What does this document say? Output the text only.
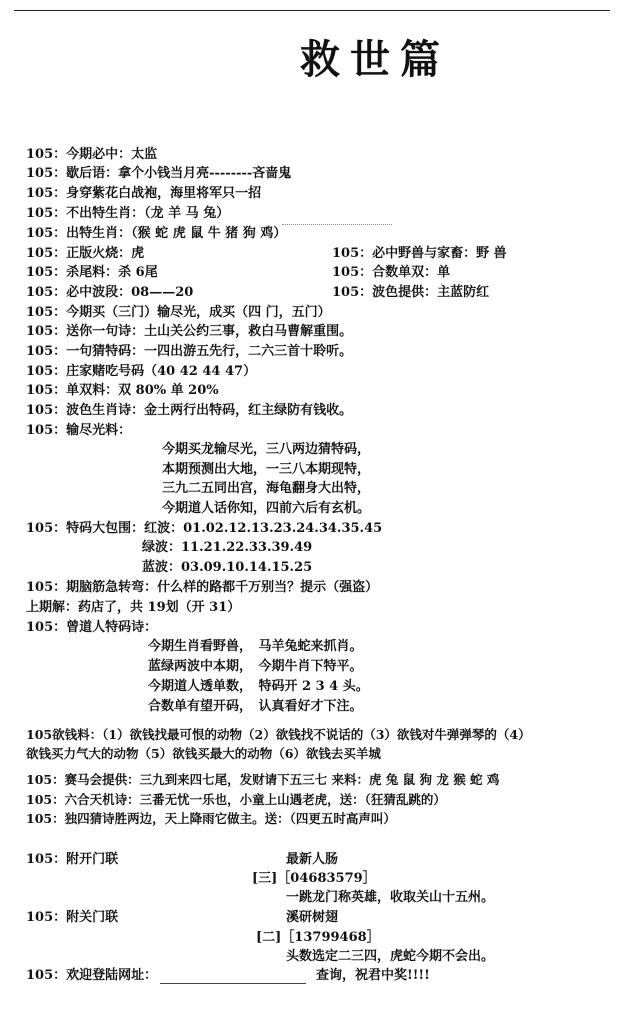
救世篇
105：今期必中：太监
105：歇后语：拿个小钱当月亮--------吝啬鬼
105：身穿紫花白战袍，海里将军只一招
105：不出特生肖：（龙 羊 马 兔）
105：出特生肖：（猴 蛇 虎 鼠 牛 猪 狗 鸡）
105：正版火烧：虎	105：必中野兽与家畜：野 兽
105：杀尾料：杀 6尾	105：合数单双：单
105：必中波段：08——20	105：波色提供：主蓝防红
105：今期买（三门）输尽光，成买（四 门，五门）
105：送你一句诗：土山关公约三事，救白马曹解重围。
105：一句猜特码：一四出游五先行，二六三首十聆听。
105：庄家赌吃号码（40 42 44 47）
105：单双料：双 80% 单 20%
105：波色生肖诗：金土两行出特码，红主绿防有钱收。
105：输尽光料：
今期买龙输尽光，三八两边猜特码，
本期预测出大地，一三八本期现特，
三九二五同出宫，海龟翻身大出特，
今期道人话你知，四前六后有玄机。
105：特码大包围：红波：01.02.12.13.23.24.34.35.45
绿波：11.21.22.33.39.49
蓝波：03.09.10.14.15.25
105：期脑筋急转弯：什么样的路都千万别当？提示（强盗）
上期解：药店了，共 19划（开 31）
105：曾道人特码诗：
今期生肖看野兽，　马羊兔蛇来抓肖。
蓝绿两波中本期，　今期牛肖下特平。
今期道人透单数，　特码开 2 3 4 头。
合数单有望开码，　认真看好才下注。
105欲钱料：（1）欲钱找最可恨的动物（2）欲钱找不说话的（3）欲钱对牛弹弹琴的（4）
欲钱买力气大的动物（5）欲钱买最大的动物（6）欲钱去买羊城
105：赛马会提供：三九到来四七尾，发财请下五三七 来料：虎 兔 鼠 狗 龙 猴 蛇 鸡
105：六合天机诗：三番无忧一乐也，小童上山遇老虎，送：（狂猜乱跳的）
105：独四猜诗胜两边，天上降雨它做主。送：（四更五时高声叫）
105：附开门联	最新人肠
[三]［04683579］
一跳龙门称英雄，收取关山十五州。
105：附关门联	溪研树翅
[二]［13799468］
头数选定二三四，虎蛇今期不会出。
105：欢迎登陆网址：	查询，祝君中奖!!!!
